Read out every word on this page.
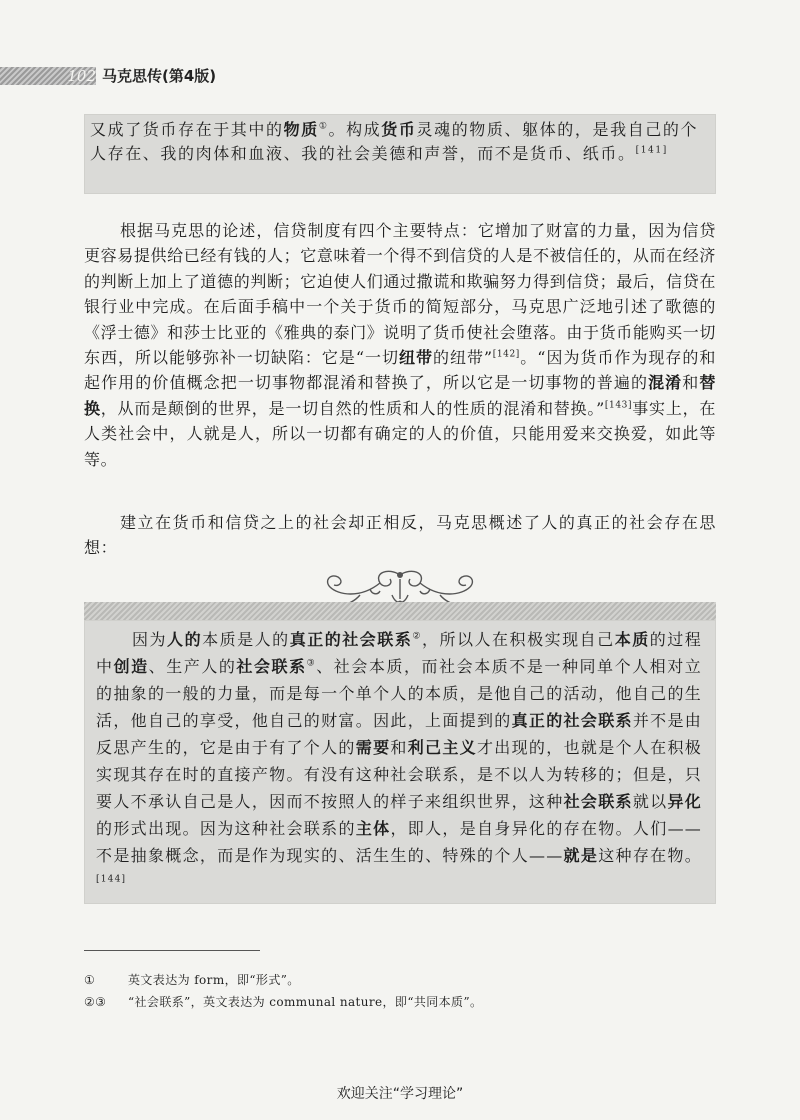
102 马克思传(第4版)
又成了货币存在于其中的物质①。构成货币灵魂的物质、躯体的，是我自己的个人存在、我的肉体和血液、我的社会美德和声誉，而不是货币、纸币。[141]

根据马克思的论述，信贷制度有四个主要特点：它增加了财富的力量，因为信贷更容易提供给已经有钱的人；它意味着一个得不到信贷的人是不被信任的，从而在经济的判断上加上了道德的判断；它迫使人们通过撒谎和欺骗努力得到信贷；最后，信贷在银行业中完成。在后面手稿中一个关于货币的简短部分，马克思广泛地引述了歌德的《浮士德》和莎士比亚的《雅典的泰门》说明了货币使社会堕落。由于货币能购买一切东西，所以能够弥补一切缺陷：它是“一切纽带的纽带”[142]。“因为货币作为现存的和起作用的价值概念把一切事物都混淆和替换了，所以它是一切事物的普遍的混淆和替换，从而是颠倒的世界，是一切自然的性质和人的性质的混淆和替换。”[143]事实上，在人类社会中，人就是人，所以一切都有确定的人的价值，只能用爱来交换爱，如此等等。

建立在货币和信贷之上的社会却正相反，马克思概述了人的真正的社会存在思想：

因为人的本质是人的真正的社会联系②，所以人在积极实现自己本质的过程中创造、生产人的社会联系③、社会本质，而社会本质不是一种同单个人相对立的抽象的一般的力量，而是每一个单个人的本质，是他自己的活动，他自己的生活，他自己的享受，他自己的财富。因此，上面提到的真正的社会联系并不是由反思产生的，它是由于有了个人的需要和利己主义才出现的，也就是个人在积极实现其存在时的直接产物。有没有这种社会联系，是不以人为转移的；但是，只要人不承认自己是人，因而不按照人的样子来组织世界，这种社会联系就以异化的形式出现。因为这种社会联系的主体，即人，是自身异化的存在物。人们——不是抽象概念，而是作为现实的、活生生的、特殊的个人——就是这种存在物。[144]
①	英文表达为 form，即“形式”。
②③ “社会联系”，英文表达为 communal nature，即“共同本质”。
欢迎关注“学习理论”
